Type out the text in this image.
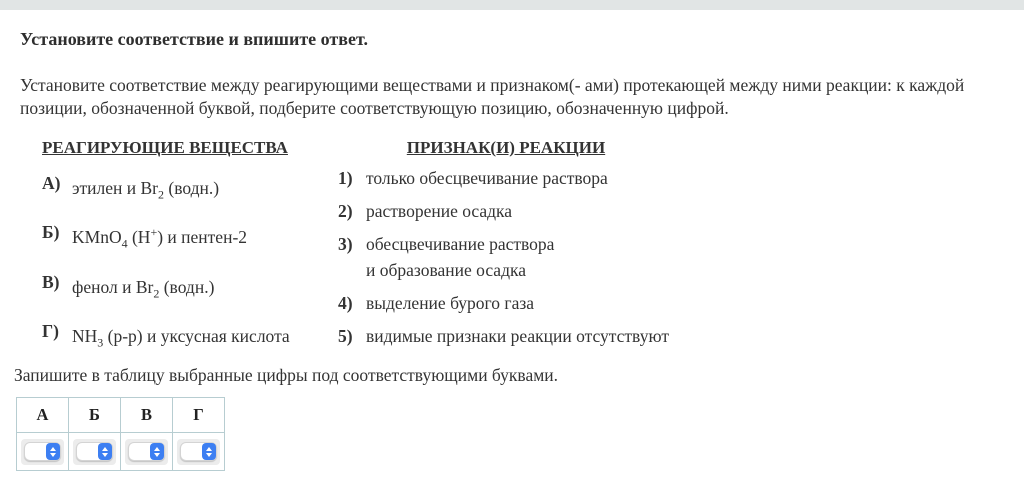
Установите соответствие и впишите ответ.
Установите соответствие между реагирующими веществами и признаком(- ами) протекающей между ними реакции: к каждой позиции, обозначенной буквой, подберите соответствующую позицию, обозначенную цифрой.
РЕАГИРУЮЩИЕ ВЕЩЕСТВА
А) этилен и $Br_2$ (водн.)
Б) KMnO$_4$ (H+) и пентен-2
В) фенол и $Br_2$ (водн.)
Г) $NH_3$ (р-р) и уксусная кислота
ПРИЗНАК(И) РЕАКЦИИ
1) только обесцвечивание раствора
2) растворение осадка
3) обесцвечивание раствора
и образование осадка
4) выделение бурого газа
5) видимые признаки реакции отсутствуют
Запишите в таблицу выбранные цифры под соответствующими буквами.
А	Б	В	Г
